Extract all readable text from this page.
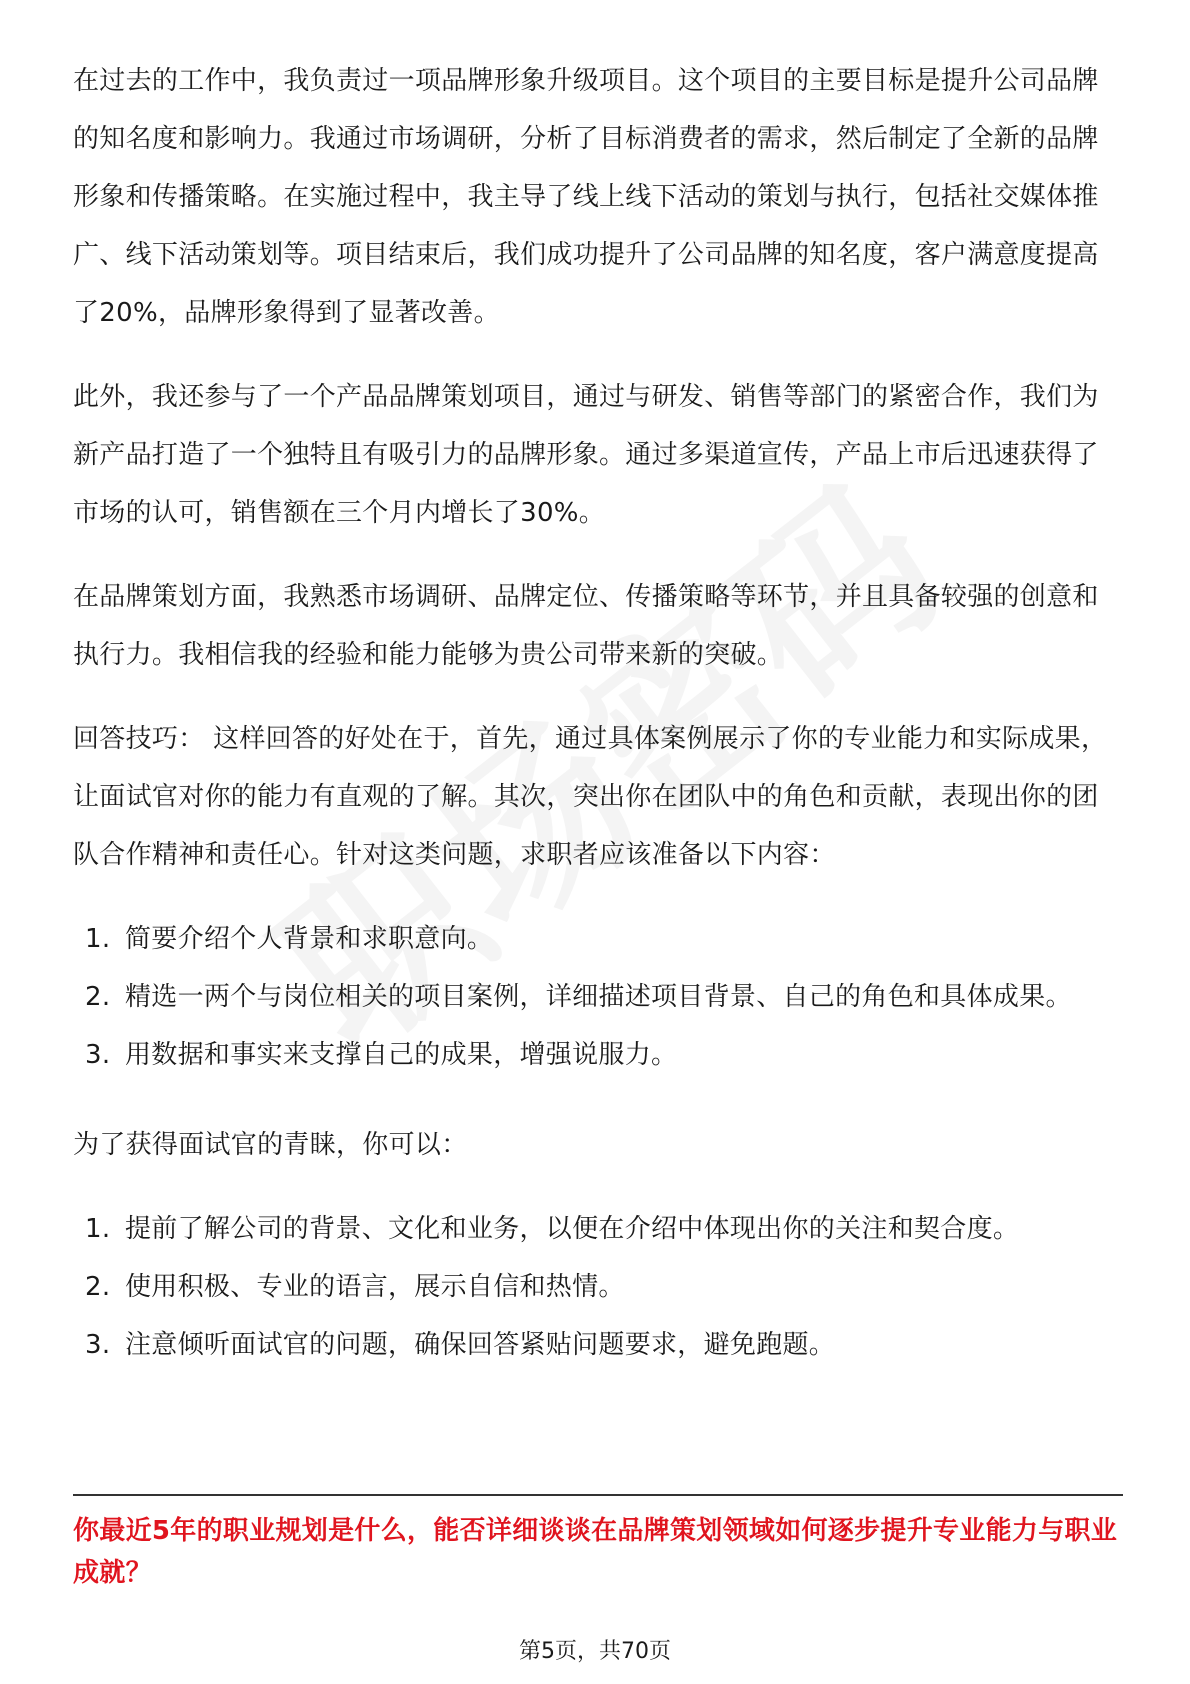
在过去的工作中，我负责过一项品牌形象升级项目。这个项目的主要目标是提升公司品牌的知名度和影响力。我通过市场调研，分析了目标消费者的需求，然后制定了全新的品牌形象和传播策略。在实施过程中，我主导了线上线下活动的策划与执行，包括社交媒体推广、线下活动策划等。项目结束后，我们成功提升了公司品牌的知名度，客户满意度提高了20%，品牌形象得到了显著改善。

此外，我还参与了一个产品品牌策划项目，通过与研发、销售等部门的紧密合作，我们为新产品打造了一个独特且有吸引力的品牌形象。通过多渠道宣传，产品上市后迅速获得了市场的认可，销售额在三个月内增长了30%。

在品牌策划方面，我熟悉市场调研、品牌定位、传播策略等环节，并且具备较强的创意和执行力。我相信我的经验和能力能够为贵公司带来新的突破。

回答技巧： 这样回答的好处在于，首先，通过具体案例展示了你的专业能力和实际成果，让面试官对你的能力有直观的了解。其次，突出你在团队中的角色和贡献，表现出你的团队合作精神和责任心。针对这类问题，求职者应该准备以下内容：

1. 简要介绍个人背景和求职意向。
2. 精选一两个与岗位相关的项目案例，详细描述项目背景、自己的角色和具体成果。
3. 用数据和事实来支撑自己的成果，增强说服力。

为了获得面试官的青睐，你可以：

1. 提前了解公司的背景、文化和业务，以便在介绍中体现出你的关注和契合度。
2. 使用积极、专业的语言，展示自信和热情。
3. 注意倾听面试官的问题，确保回答紧贴问题要求，避免跑题。
你最近5年的职业规划是什么，能否详细谈谈在品牌策划领域如何逐步提升专业能力与职业成就？
第5页，共70页
